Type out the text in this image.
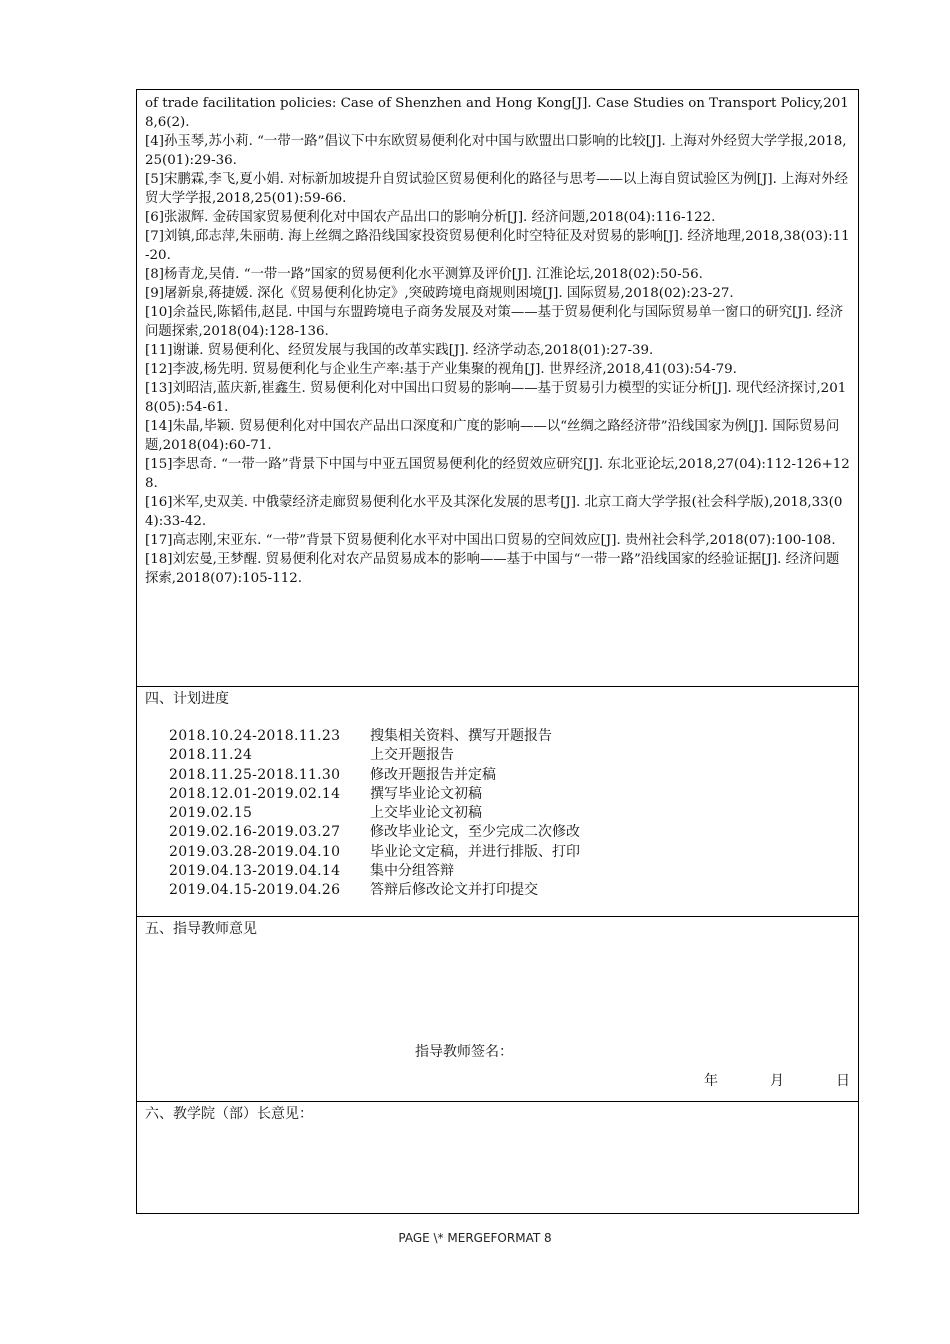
of trade facilitation policies: Case of Shenzhen and Hong Kong[J]. Case Studies on Transport Policy,2018,6(2).

[4]孙玉琴,苏小莉. “一带一路”倡议下中东欧贸易便利化对中国与欧盟出口影响的比较[J]. 上海对外经贸大学学报,2018,25(01):29-36.

[5]宋鹏霖,李飞,夏小娟. 对标新加坡提升自贸试验区贸易便利化的路径与思考——以上海自贸试验区为例[J]. 上海对外经贸大学学报,2018,25(01):59-66.

[6]张淑辉. 金砖国家贸易便利化对中国农产品出口的影响分析[J]. 经济问题,2018(04):116-122.

[7]刘镇,邱志萍,朱丽萌. 海上丝绸之路沿线国家投资贸易便利化时空特征及对贸易的影响[J]. 经济地理,2018,38(03):11-20.

[8]杨青龙,吴倩. “一带一路”国家的贸易便利化水平测算及评价[J]. 江淮论坛,2018(02):50-56.

[9]屠新泉,蒋捷媛. 深化《贸易便利化协定》,突破跨境电商规则困境[J]. 国际贸易,2018(02):23-27.

[10]余益民,陈韬伟,赵昆. 中国与东盟跨境电子商务发展及对策——基于贸易便利化与国际贸易单一窗口的研究[J]. 经济问题探索,2018(04):128-136.

[11]谢谦. 贸易便利化、经贸发展与我国的改革实践[J]. 经济学动态,2018(01):27-39.

[12]李波,杨先明. 贸易便利化与企业生产率:基于产业集聚的视角[J]. 世界经济,2018,41(03):54-79.

[13]刘昭洁,蓝庆新,崔鑫生. 贸易便利化对中国出口贸易的影响——基于贸易引力模型的实证分析[J]. 现代经济探讨,2018(05):54-61.

[14]朱晶,毕颖. 贸易便利化对中国农产品出口深度和广度的影响——以“丝绸之路经济带”沿线国家为例[J]. 国际贸易问题,2018(04):60-71.

[15]李思奇. “一带一路”背景下中国与中亚五国贸易便利化的经贸效应研究[J]. 东北亚论坛,2018,27(04):112-126+128.

[16]米军,史双美. 中俄蒙经济走廊贸易便利化水平及其深化发展的思考[J]. 北京工商大学学报(社会科学版),2018,33(04):33-42.

[17]高志刚,宋亚东. “一带”背景下贸易便利化水平对中国出口贸易的空间效应[J]. 贵州社会科学,2018(07):100-108.

[18]刘宏曼,王梦醒. 贸易便利化对农产品贸易成本的影响——基于中国与“一带一路”沿线国家的经验证据[J]. 经济问题探索,2018(07):105-112.

四、计划进度

2018.10.24-2018.11.23	搜集相关资料、撰写开题报告
2018.11.24	上交开题报告
2018.11.25-2018.11.30	修改开题报告并定稿
2018.12.01-2019.02.14	撰写毕业论文初稿
2019.02.15	上交毕业论文初稿
2019.02.16-2019.03.27	修改毕业论文，至少完成二次修改
2019.03.28-2019.04.10	毕业论文定稿，并进行排版、打印
2019.04.13-2019.04.14	集中分组答辩
2019.04.15-2019.04.26	答辩后修改论文并打印提交

五、指导教师意见

指导教师签名：
年	月	日

六、教学院（部）长意见：

PAGE \* MERGEFORMAT 8
